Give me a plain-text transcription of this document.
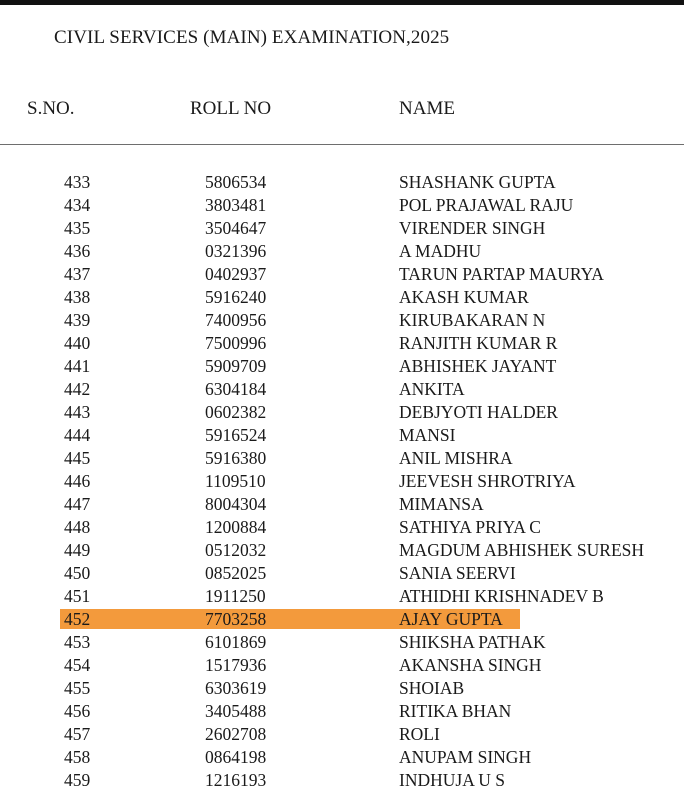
CIVIL SERVICES (MAIN) EXAMINATION,2025
S.NO.	ROLL NO	NAME
433	5806534	SHASHANK GUPTA
434	3803481	POL PRAJAWAL RAJU
435	3504647	VIRENDER SINGH
436	0321396	A MADHU
437	0402937	TARUN PARTAP MAURYA
438	5916240	AKASH KUMAR
439	7400956	KIRUBAKARAN N
440	7500996	RANJITH KUMAR R
441	5909709	ABHISHEK JAYANT
442	6304184	ANKITA
443	0602382	DEBJYOTI HALDER
444	5916524	MANSI
445	5916380	ANIL MISHRA
446	1109510	JEEVESH SHROTRIYA
447	8004304	MIMANSA
448	1200884	SATHIYA PRIYA C
449	0512032	MAGDUM ABHISHEK SURESH
450	0852025	SANIA SEERVI
451	1911250	ATHIDHI KRISHNADEV B
452	7703258	AJAY GUPTA
453	6101869	SHIKSHA PATHAK
454	1517936	AKANSHA SINGH
455	6303619	SHOIAB
456	3405488	RITIKA BHAN
457	2602708	ROLI
458	0864198	ANUPAM SINGH
459	1216193	INDHUJA U S
